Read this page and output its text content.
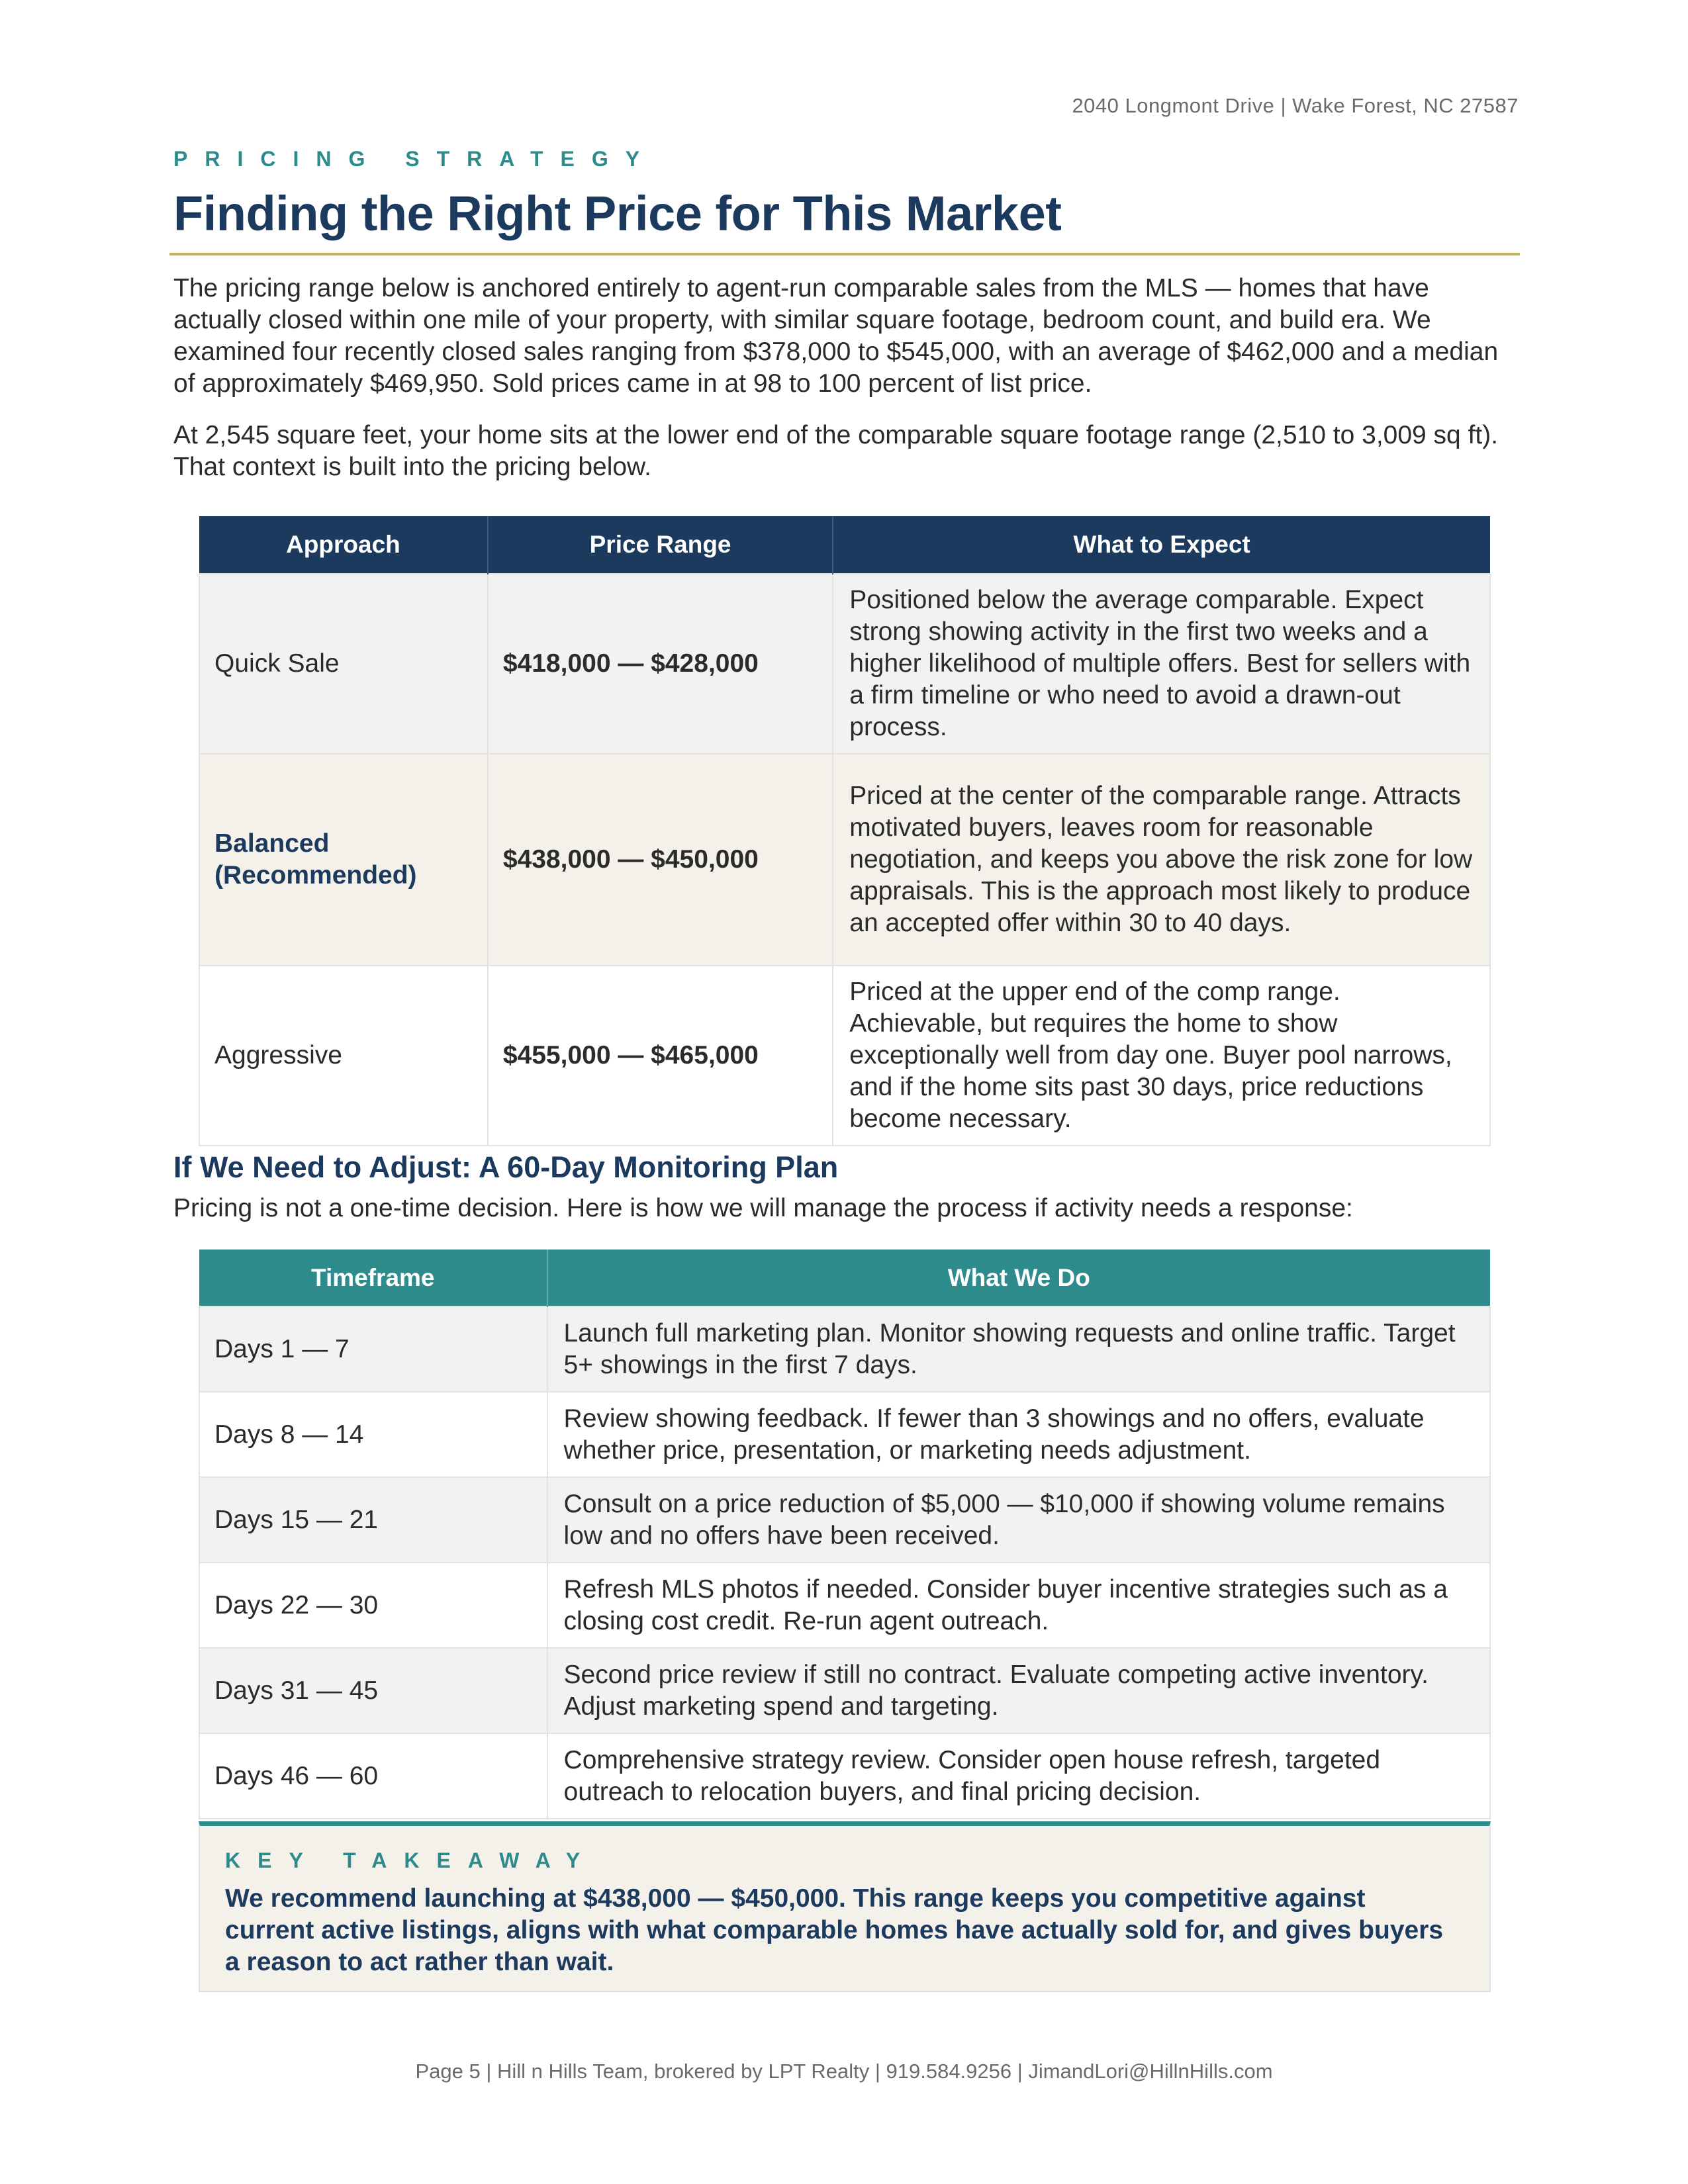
2040 Longmont Drive | Wake Forest, NC 27587
PRICING STRATEGY
Finding the Right Price for This Market

The pricing range below is anchored entirely to agent-run comparable sales from the MLS — homes that have actually closed within one mile of your property, with similar square footage, bedroom count, and build era. We examined four recently closed sales ranging from $378,000 to $545,000, with an average of $462,000 and a median of approximately $469,950. Sold prices came in at 98 to 100 percent of list price.

At 2,545 square feet, your home sits at the lower end of the comparable square footage range (2,510 to 3,009 sq ft). That context is built into the pricing below.

Approach	Price Range	What to Expect
Quick Sale	$418,000 — $428,000	Positioned below the average comparable. Expect strong showing activity in the first two weeks and a higher likelihood of multiple offers. Best for sellers with a firm timeline or who need to avoid a drawn-out process.
Balanced (Recommended)	$438,000 — $450,000	Priced at the center of the comparable range. Attracts motivated buyers, leaves room for reasonable negotiation, and keeps you above the risk zone for low appraisals. This is the approach most likely to produce an accepted offer within 30 to 40 days.
Aggressive	$455,000 — $465,000	Priced at the upper end of the comp range. Achievable, but requires the home to show exceptionally well from day one. Buyer pool narrows, and if the home sits past 30 days, price reductions become necessary.
If We Need to Adjust: A 60-Day Monitoring Plan

Pricing is not a one-time decision. Here is how we will manage the process if activity needs a response:

Timeframe	What We Do
Days 1 — 7	Launch full marketing plan. Monitor showing requests and online traffic. Target 5+ showings in the first 7 days.
Days 8 — 14	Review showing feedback. If fewer than 3 showings and no offers, evaluate whether price, presentation, or marketing needs adjustment.
Days 15 — 21	Consult on a price reduction of $5,000 — $10,000 if showing volume remains low and no offers have been received.
Days 22 — 30	Refresh MLS photos if needed. Consider buyer incentive strategies such as a closing cost credit. Re-run agent outreach.
Days 31 — 45	Second price review if still no contract. Evaluate competing active inventory. Adjust marketing spend and targeting.
Days 46 — 60	Comprehensive strategy review. Consider open house refresh, targeted outreach to relocation buyers, and final pricing decision.
KEY TAKEAWAY

We recommend launching at $438,000 — $450,000. This range keeps you competitive against current active listings, aligns with what comparable homes have actually sold for, and gives buyers a reason to act rather than wait.

Page 5 | Hill n Hills Team, brokered by LPT Realty | 919.584.9256 | JimandLori@HillnHills.com
